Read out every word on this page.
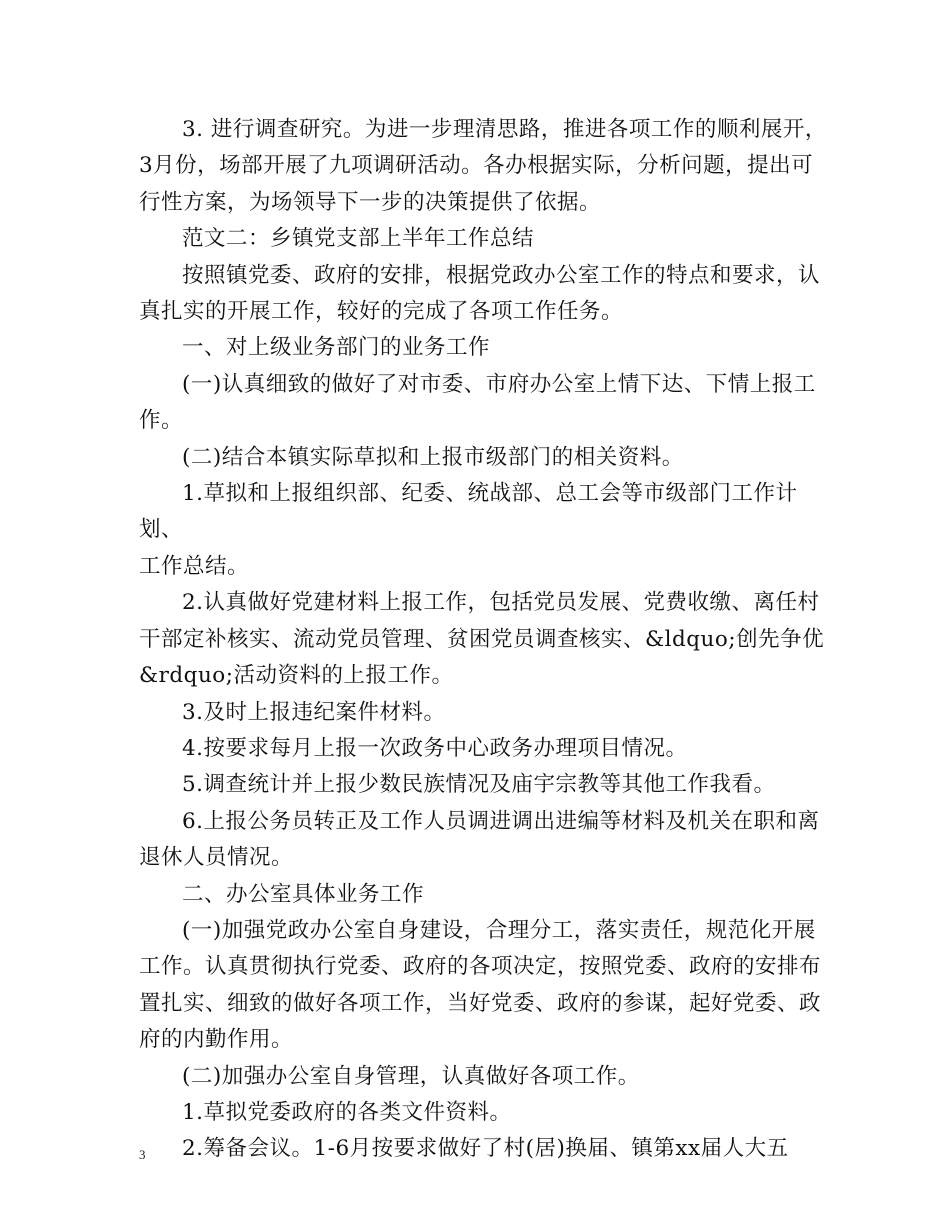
3. 进行调查研究。为进一步理清思路，推进各项工作的顺利展开，
3月份，场部开展了九项调研活动。各办根据实际，分析问题，提出可
行性方案，为场领导下一步的决策提供了依据。

范文二：乡镇党支部上半年工作总结

按照镇党委、政府的安排，根据党政办公室工作的特点和要求，认
真扎实的开展工作，较好的完成了各项工作任务。

一、对上级业务部门的业务工作

(一)认真细致的做好了对市委、市府办公室上情下达、下情上报工
作。

(二)结合本镇实际草拟和上报市级部门的相关资料。

1.草拟和上报组织部、纪委、统战部、总工会等市级部门工作计划、
工作总结。

2.认真做好党建材料上报工作，包括党员发展、党费收缴、离任村
干部定补核实、流动党员管理、贫困党员调查核实、&ldquo;创先争优
&rdquo;活动资料的上报工作。

3.及时上报违纪案件材料。

4.按要求每月上报一次政务中心政务办理项目情况。

5.调查统计并上报少数民族情况及庙宇宗教等其他工作我看。

6.上报公务员转正及工作人员调进调出进编等材料及机关在职和离
退休人员情况。

二、办公室具体业务工作

(一)加强党政办公室自身建设，合理分工，落实责任，规范化开展
工作。认真贯彻执行党委、政府的各项决定，按照党委、政府的安排布
置扎实、细致的做好各项工作，当好党委、政府的参谋，起好党委、政
府的内勤作用。

(二)加强办公室自身管理，认真做好各项工作。

1.草拟党委政府的各类文件资料。

2.筹备会议。1-6月按要求做好了村(居)换届、镇第xx届人大五

3
